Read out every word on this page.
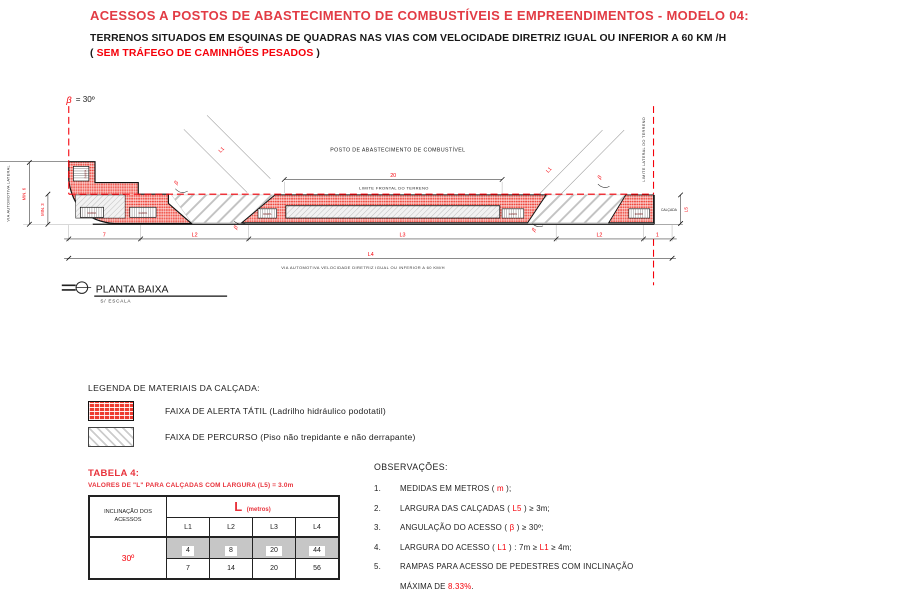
ACESSOS A POSTOS DE ABASTECIMENTO DE COMBUSTÍVEIS E EMPREENDIMENTOS - MODELO 04:
TERRENOS SITUADOS EM ESQUINAS DE QUADRAS NAS VIAS COM VELOCIDADE DIRETRIZ IGUAL OU INFERIOR A 60 KM /H
( SEM TRÁFEGO DE CAMINHÕES PESADOS )
β = 30º
RAMPA
RAMPA	RAMPA	RAMPA	RAMPA	RAMPA
CALÇADA
POSTO DE ABASTECIMENTO DE COMBUSTÍVEL
LIMITE FRONTAL DO TERRENO
LIMITE LATERAL DO TERRENO
VIA AUTOMOTIVA LATERAL	20
L1
L1
β
β
β
β
MIN. 6
MIN. 3	L5
7	L2	L3	L2	1
L4
VIA AUTOMOTIVA VELOCIDADE DIRETRIZ IGUAL OU INFERIOR A 60 KM/H
PLANTA BAIXA
S/ ESCALA
LEGENDA DE MATERIAIS DA CALÇADA:
FAIXA DE ALERTA TÁTIL (Ladrilho hidráulico podotatil)
FAIXA DE PERCURSO (Piso não trepidante e não derrapante)
TABELA 4:
VALORES DE "L" PARA CALÇADAS COM LARGURA (L5) = 3.0m
INCLINAÇÃO DOS
ACESSOS	L (metros)			
	L1	L2	L3	L4
30º	4	8	20	44
	7	14	20	56
OBSERVAÇÕES:
1.	MEDIDAS EM METROS ( m );
2.	LARGURA DAS CALÇADAS ( L5 ) ≥ 3m;
3.	ANGULAÇÃO DO ACESSO ( β ) ≥ 30º;
4.	LARGURA DO ACESSO ( L1 ) : 7m ≥ L1 ≥ 4m;
5.	RAMPAS PARA ACESSO DE PEDESTRES COM INCLINAÇÃO
MÁXIMA DE 8.33%.
